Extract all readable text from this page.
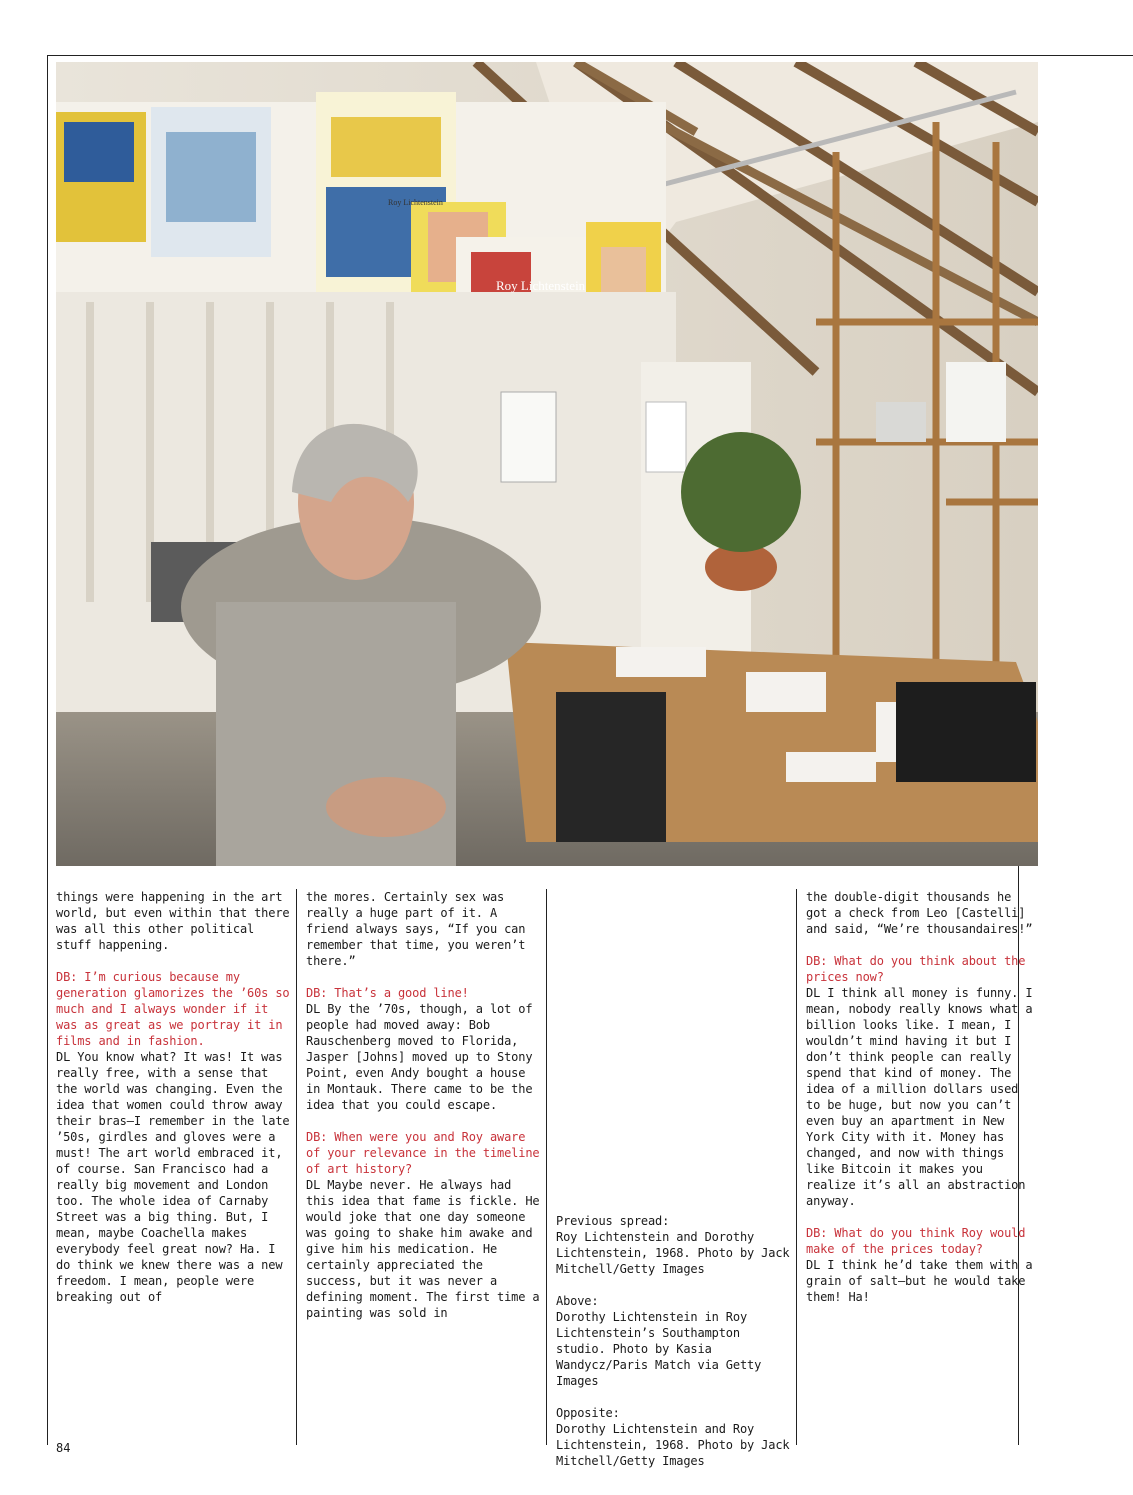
Roy Lichtenstein
Roy Lichtenstein

things were happening in the art world, but even within that there was all this other political stuff happening.

DB: I’m curious because my generation glamorizes the ’60s so much and I always wonder if it was as great as we portray it in films and in fashion.

DL You know what? It was! It was really free, with a sense that the world was changing. Even the idea that women could throw away their bras—I remember in the late ’50s, girdles and gloves were a must! The art world embraced it, of course. San Francisco had a really big movement and London too. The whole idea of Carnaby Street was a big thing. But, I mean, maybe Coachella makes everybody feel great now? Ha. I do think we knew there was a new freedom. I mean, people were breaking out of

the mores. Certainly sex was really a huge part of it. A friend always says, “If you can remember that time, you weren’t there.”

DB: That’s a good line!

DL By the ’70s, though, a lot of people had moved away: Bob Rauschenberg moved to Florida, Jasper [Johns] moved up to Stony Point, even Andy bought a house in Montauk. There came to be the idea that you could escape.

DB: When were you and Roy aware of your relevance in the timeline of art history?

DL Maybe never. He always had this idea that fame is fickle. He would joke that one day someone was going to shake him awake and give him his medication. He certainly appreciated the success, but it was never a defining moment. The first time a painting was sold in

Previous spread:
Roy Lichtenstein and Dorothy Lichtenstein, 1968. Photo by Jack Mitchell/Getty Images

Above:
Dorothy Lichtenstein in Roy Lichtenstein’s Southampton studio. Photo by Kasia Wandycz/Paris Match via Getty Images

Opposite:
Dorothy Lichtenstein and Roy Lichtenstein, 1968. Photo by Jack Mitchell/Getty Images

the double-digit thousands he got a check from Leo [Castelli] and said, “We’re thousandaires!”

DB: What do you think about the prices now?

DL I think all money is funny. I mean, nobody really knows what a billion looks like. I mean, I wouldn’t mind having it but I don’t think people can really spend that kind of money. The idea of a million dollars used to be huge, but now you can’t even buy an apartment in New York City with it. Money has changed, and now with things like Bitcoin it makes you realize it’s all an abstraction anyway.

DB: What do you think Roy would make of the prices today?

DL I think he’d take them with a grain of salt—but he would take them! Ha!

84
